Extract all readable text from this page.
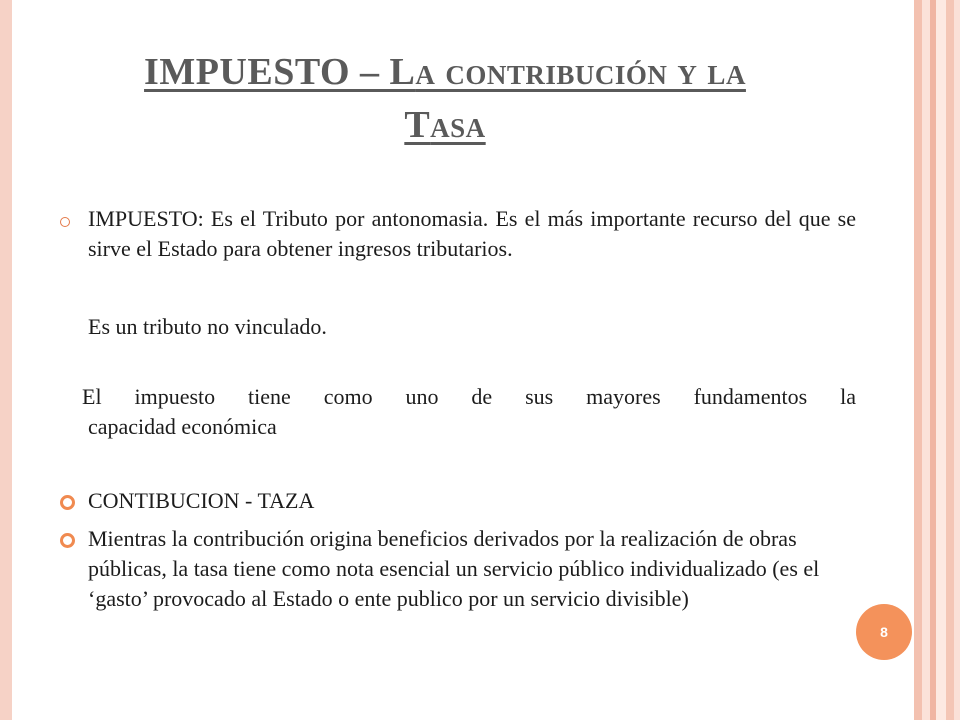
IMPUESTO – La contribución y la
Tasa
IMPUESTO: Es el Tributo por antonomasia. Es el más importante recurso del que se sirve el Estado para obtener ingresos tributarios.
Es un tributo no vinculado.
El impuesto tiene como uno de sus mayores fundamentos la
capacidad económica
CONTIBUCION - TAZA
Mientras la contribución origina beneficios derivados por la realización de obras públicas, la tasa tiene como nota esencial un servicio público individualizado (es el ‘gasto’ provocado al Estado o ente publico por un servicio divisible)
8
